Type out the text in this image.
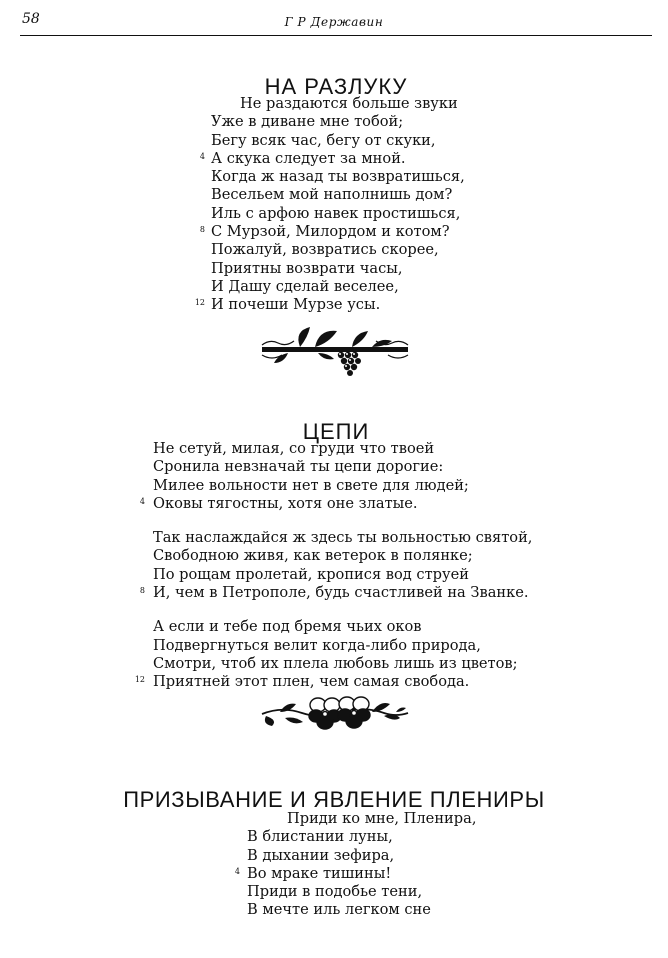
58	Г Р Державин
НА РАЗЛУКУ
Не раздаются больше звуки
Уже в диване мне тобой;
Бегу всяк час, бегу от скуки,
4 А скука следует за мной.
Когда ж назад ты возвратишься,
Весельем мой наполнишь дом?
Иль с арфою навек простишься,
8 С Мурзой, Милордом и котом?
Пожалуй, возвратись скорее,
Приятны возврати часы,
И Дашу сделай веселее,
12 И почеши Мурзе усы.
ЦЕПИ
Не сетуй, милая, со груди что твоей
Сронила невзначай ты цепи дорогие:
Милее вольности нет в свете для людей;
4 Оковы тягостны, хотя оне златые.
Так наслаждайся ж здесь ты вольностью святой,
Свободною живя, как ветерок в полянке;
По рощам пролетай, кропися вод струей
8 И, чем в Петрополе, будь счастливей на Званке.
А если и тебе под бремя чьих оков
Подвергнуться велит когда-либо природа,
Смотри, чтоб их плела любовь лишь из цветов;
12 Приятней этот плен, чем самая свобода.
ПРИЗЫВАНИЕ И ЯВЛЕНИЕ ПЛЕНИРЫ
Приди ко мне, Пленира,
В блистании луны,
В дыхании зефира,
4 Во мраке тишины!
Приди в подобье тени,
В мечте иль легком сне
